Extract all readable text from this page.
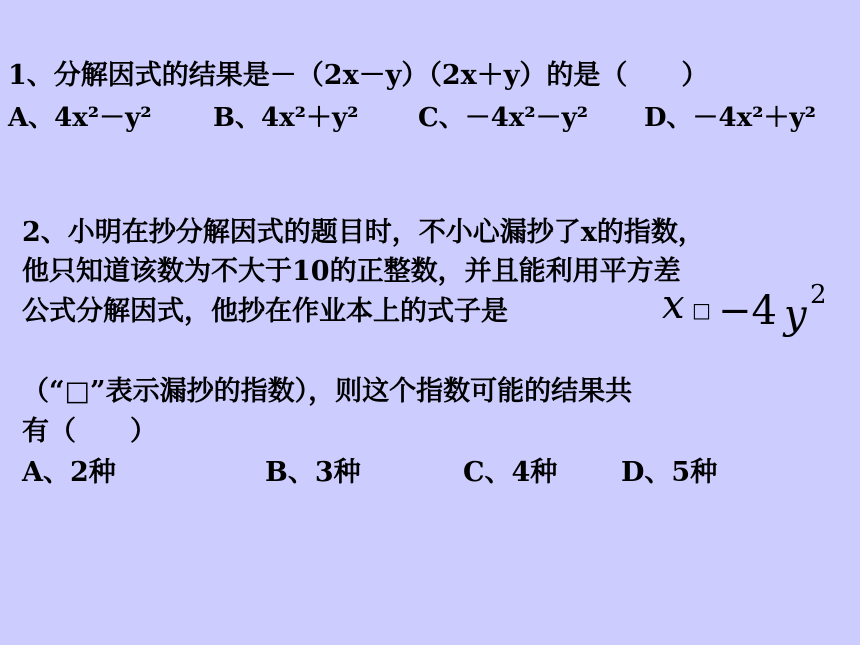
1、分解因式的结果是－（2x－y）（2x＋y）的是（　　）
A、4x²－y² B、4x²＋y² C、－4x²－y² D、－4x²＋y²
2、小明在抄分解因式的题目时，不小心漏抄了x的指数，
他只知道该数为不大于10的正整数，并且能利用平方差
公式分解因式，他抄在作业本上的式子是	x □ −4 y 2
（“□”表示漏抄的指数），则这个指数可能的结果共
有（　　）
A、2种	B、3种	C、4种 D、5种
